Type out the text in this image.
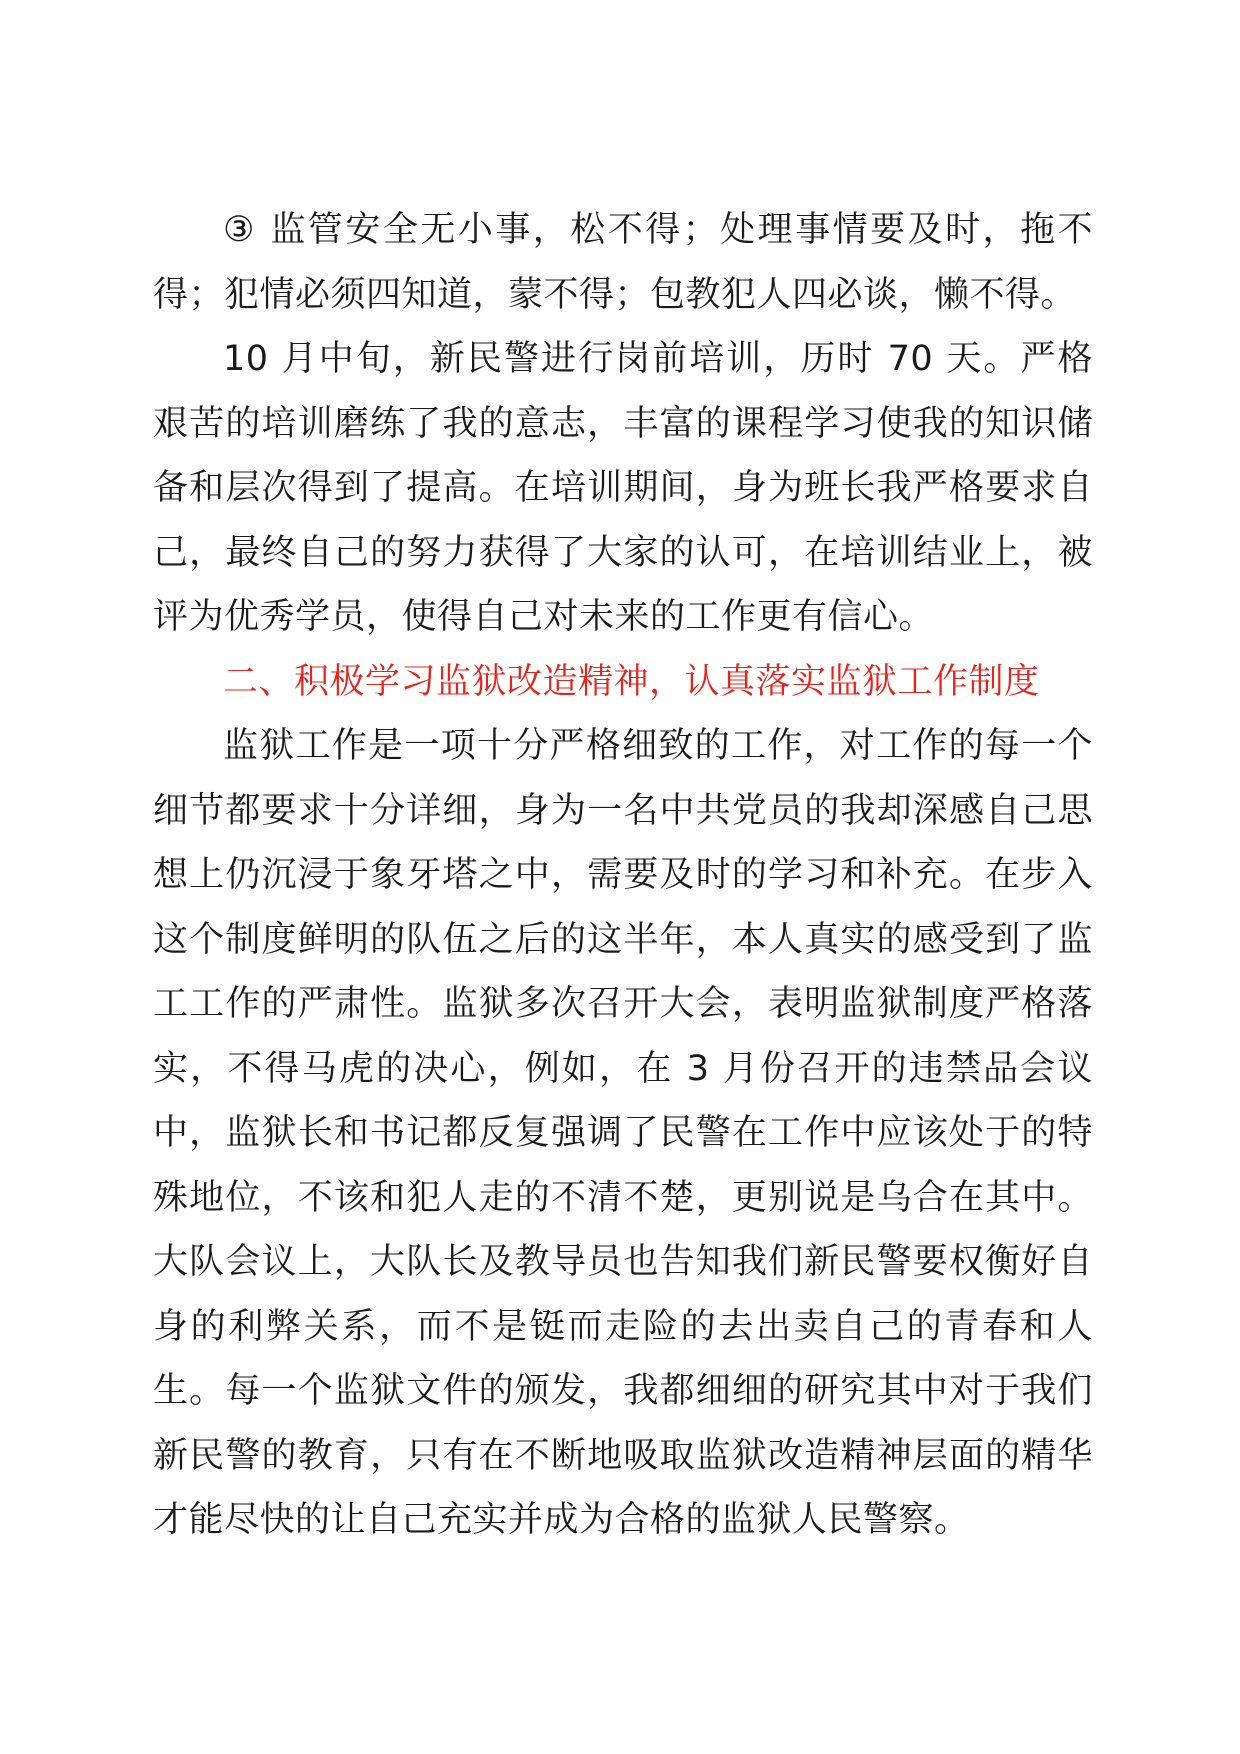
③ 监管安全无小事，松不得；处理事情要及时，拖不得；犯情必须四知道，蒙不得；包教犯人四必谈，懒不得。

10 月中旬，新民警进行岗前培训，历时 70 天。严格艰苦的培训磨练了我的意志，丰富的课程学习使我的知识储备和层次得到了提高。在培训期间，身为班长我严格要求自己，最终自己的努力获得了大家的认可，在培训结业上，被评为优秀学员，使得自己对未来的工作更有信心。

二、积极学习监狱改造精神，认真落实监狱工作制度

监狱工作是一项十分严格细致的工作，对工作的每一个细节都要求十分详细，身为一名中共党员的我却深感自己思想上仍沉浸于象牙塔之中，需要及时的学习和补充。在步入这个制度鲜明的队伍之后的这半年，本人真实的感受到了监工工作的严肃性。监狱多次召开大会，表明监狱制度严格落实，不得马虎的决心，例如，在 3 月份召开的违禁品会议中，监狱长和书记都反复强调了民警在工作中应该处于的特殊地位，不该和犯人走的不清不楚，更别说是乌合在其中。大队会议上，大队长及教导员也告知我们新民警要权衡好自身的利弊关系，而不是铤而走险的去出卖自己的青春和人生。每一个监狱文件的颁发，我都细细的研究其中对于我们新民警的教育，只有在不断地吸取监狱改造精神层面的精华才能尽快的让自己充实并成为合格的监狱人民警察。
